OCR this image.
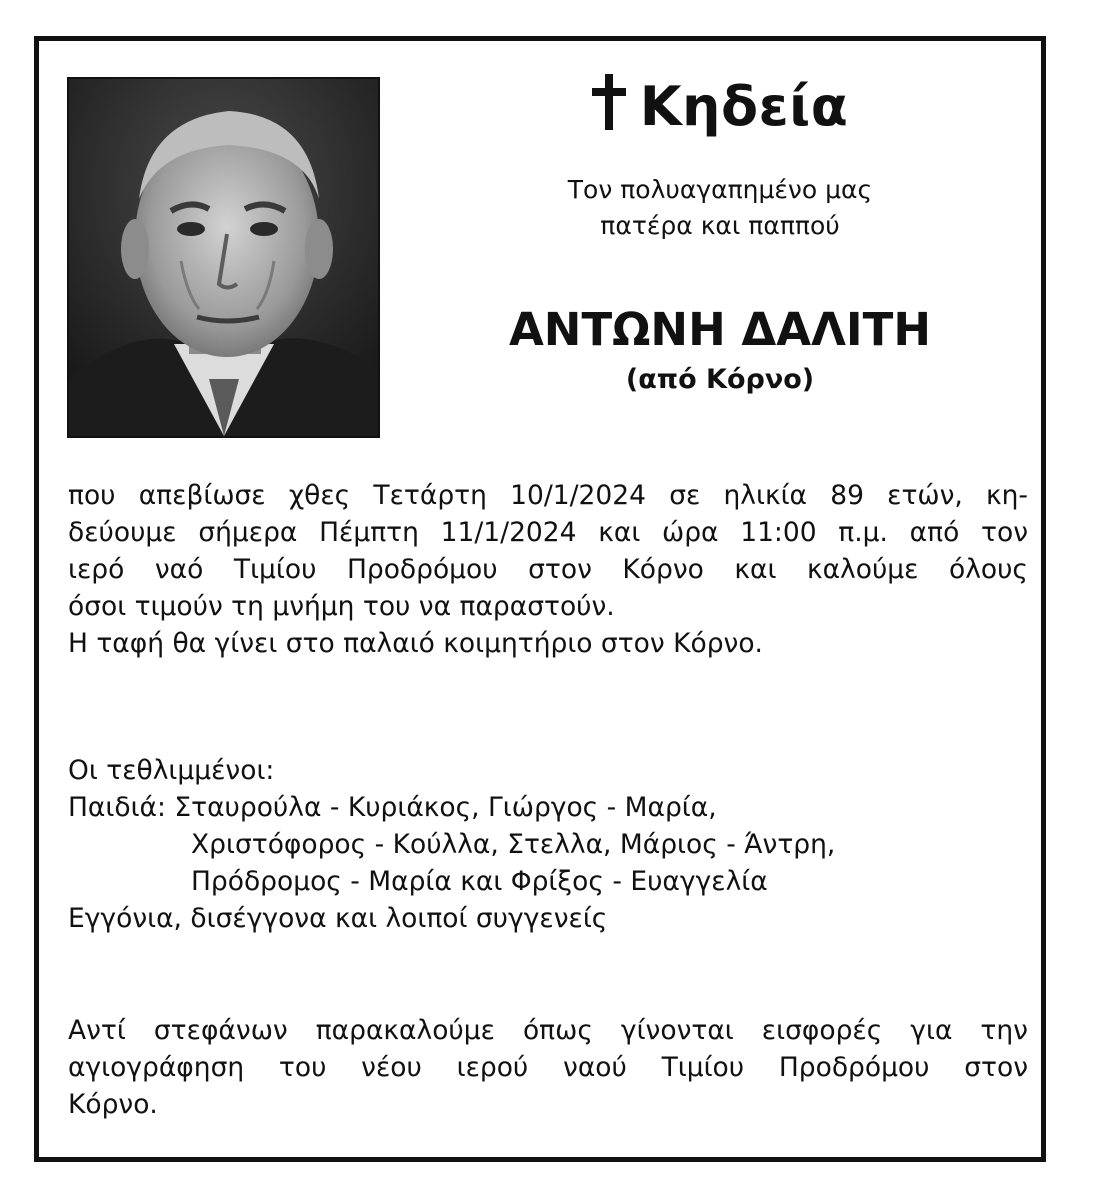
Κηδεία
Τον πολυαγαπημένο μας
πατέρα και παππού
ΑΝΤΩΝΗ ΔΑΛΙΤΗ
(από Κόρνο)
που απεβίωσε χθες Τετάρτη 10/1/2024 σε ηλικία 89 ετών, κη-
δεύουμε σήμερα Πέμπτη 11/1/2024 και ώρα 11:00 π.μ. από τον
ιερό ναό Τιμίου Προδρόμου στον Κόρνο και καλούμε όλους
όσοι τιμούν τη μνήμη του να παραστούν.
Η ταφή θα γίνει στο παλαιό κοιμητήριο στον Κόρνο.
Οι τεθλιμμένοι:
Παιδιά: Σταυρούλα - Κυριάκος, Γιώργος - Μαρία,
Χριστόφορος - Κούλλα, Στελλα, Μάριος - Άντρη,
Πρόδρομος - Μαρία και Φρίξος - Ευαγγελία
Εγγόνια, δισέγγονα και λοιποί συγγενείς
Αντί στεφάνων παρακαλούμε όπως γίνονται εισφορές για την
αγιογράφηση του νέου ιερού ναού Τιμίου Προδρόμου στον
Κόρνο.
